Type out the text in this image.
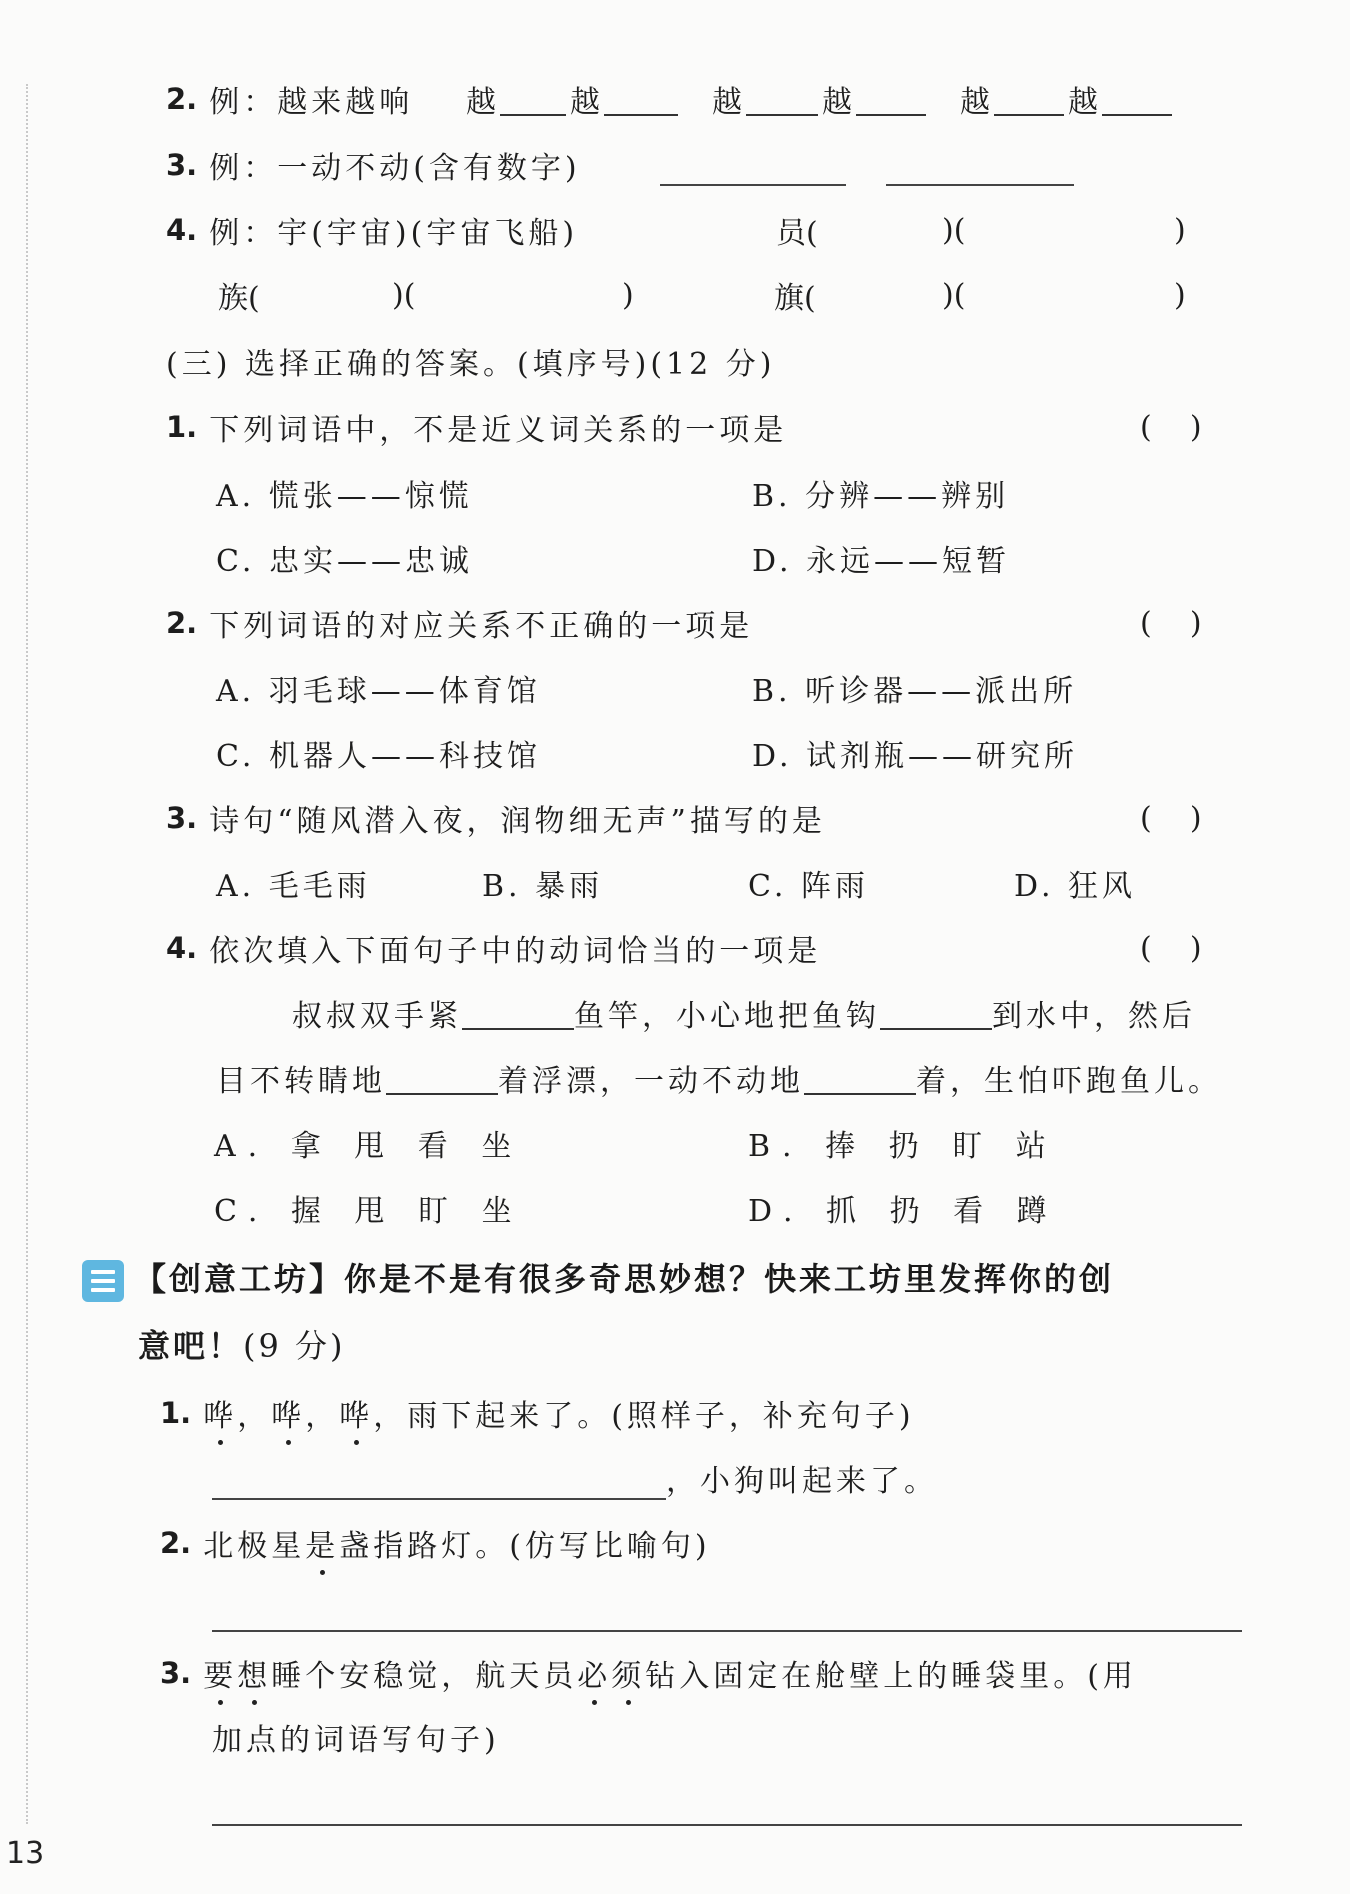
2. 例：越来越响 越 越	越	越	越 越
3. 例：一动不动(含有数字)
4. 例：宇(宇宙)(宇宙飞船)	员(	)(	)
族(	)(	)	旗(	)(	)
(三) 选择正确的答案。(填序号)(12 分)
1. 下列词语中，不是近义词关系的一项是	(    )
A. 慌张——惊慌	B. 分辨——辨别
C. 忠实——忠诚	D. 永远——短暂
2. 下列词语的对应关系不正确的一项是	(    )
A. 羽毛球——体育馆	B. 听诊器——派出所
C. 机器人——科技馆	D. 试剂瓶——研究所
3. 诗句“随风潜入夜，润物细无声”描写的是	(    )
A. 毛毛雨	B. 暴雨	C. 阵雨	D. 狂风
4. 依次填入下面句子中的动词恰当的一项是	(    )
叔叔双手紧	鱼竿，小心地把鱼钩	到水中，然后
目不转睛地	着浮漂，一动不动地	着，生怕吓跑鱼儿。
A. 拿 甩 看 坐	B. 捧 扔 盯 站
C. 握 甩 盯 坐	D. 抓 扔 看 蹲
【创意工坊】你是不是有很多奇思妙想？快来工坊里发挥你的创
意吧！(9 分)
1. 哗 ， 哗 ， 哗 ， 雨下起来了。(照样子，补充句子)
，小狗叫起来了。
2. 北极星 是 盏指路灯。(仿写比喻句)
3. 要 想 睡个安稳觉，航天员 必 须 钻入固定在舱壁上的睡袋里。(用
加点的词语写句子)
13
